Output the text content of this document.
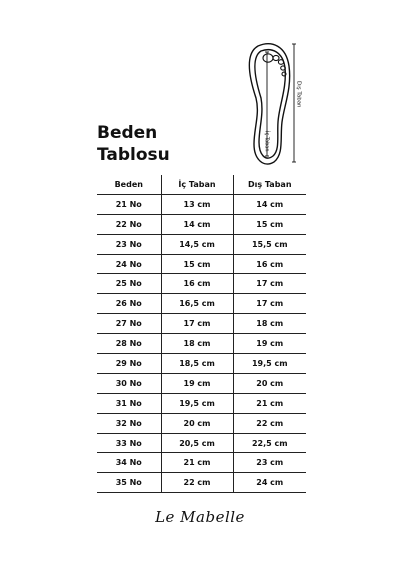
İç Taban
Dış Taban
Beden
Tablosu
Beden	İç Taban	Dış Taban
21 No	13 cm	14 cm
22 No	14 cm	15 cm
23 No	14,5 cm	15,5 cm
24 No	15 cm	16 cm
25 No	16 cm	17 cm
26 No	16,5 cm	17 cm
27 No	17 cm	18 cm
28 No	18 cm	19 cm
29 No	18,5 cm	19,5 cm
30 No	19 cm	20 cm
31 No	19,5 cm	21 cm
32 No	20 cm	22 cm
33 No	20,5 cm	22,5 cm
34 No	21 cm	23 cm
35 No	22 cm	24 cm
Le Mabelle
